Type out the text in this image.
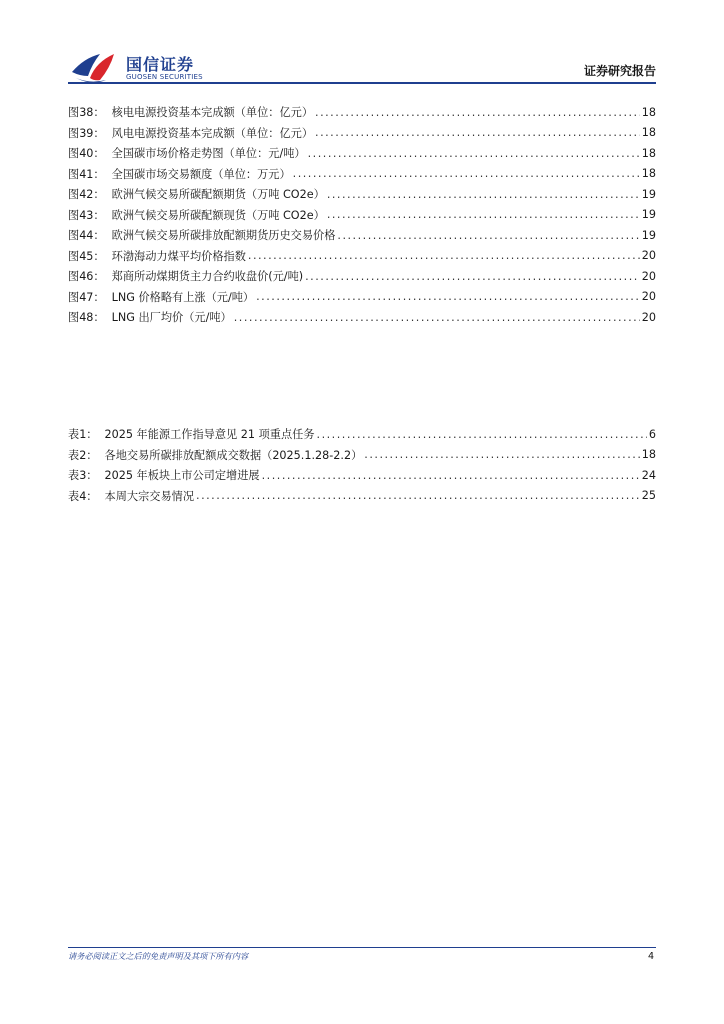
国信证券
GUOSEN SECURITIES	证券研究报告
图38： 核电电源投资基本完成额（单位：亿元） .....	18
图39： 风电电源投资基本完成额（单位：亿元） .....	18
图40： 全国碳市场价格走势图（单位：元/吨） .....	18
图41： 全国碳市场交易额度（单位：万元） .....	18
图42： 欧洲气候交易所碳配额期货（万吨 CO2e） .....	19
图43： 欧洲气候交易所碳配额现货（万吨 CO2e） .....	19
图44： 欧洲气候交易所碳排放配额期货历史交易价格 .....	19
图45： 环渤海动力煤平均价格指数 .....	20
图46： 郑商所动煤期货主力合约收盘价(元/吨) .....	20
图47： LNG 价格略有上涨（元/吨） .....	20
图48： LNG 出厂均价（元/吨） .....	20
表1： 2025 年能源工作指导意见 21 项重点任务 .....	6
表2： 各地交易所碳排放配额成交数据（2025.1.28-2.2） .....	18
表3： 2025 年板块上市公司定增进展 .....	24
表4： 本周大宗交易情况 .....	25
请务必阅读正文之后的免责声明及其项下所有内容	4
